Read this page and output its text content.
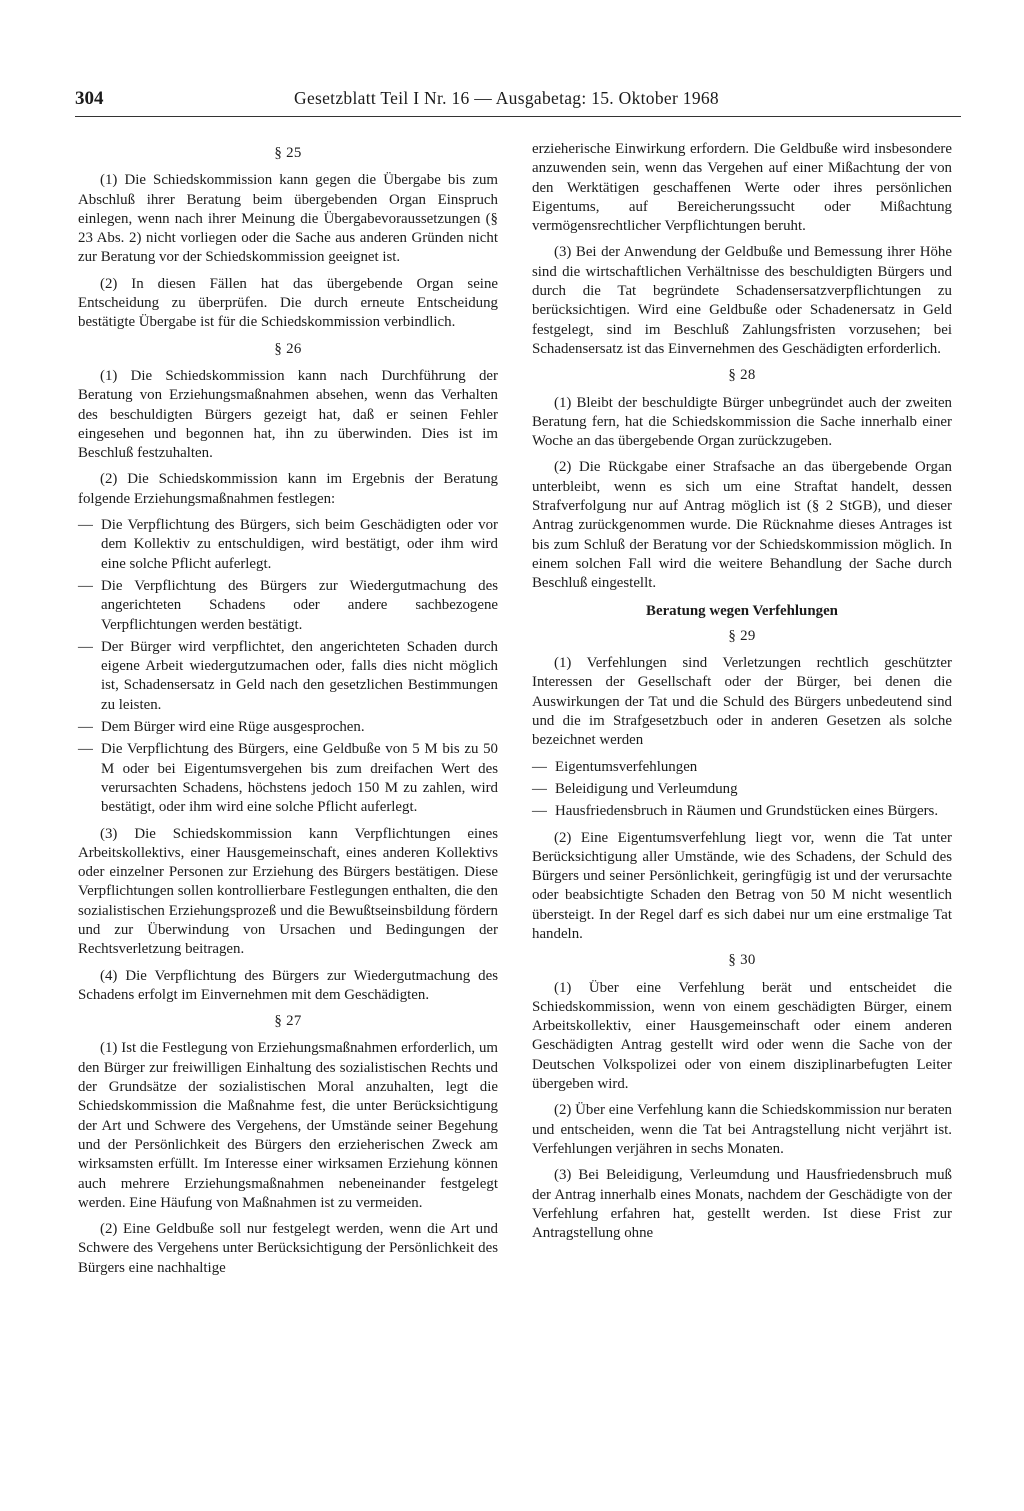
304	Gesetzblatt Teil I Nr. 16 — Ausgabetag: 15. Oktober 1968
§ 25

(1) Die Schiedskommission kann gegen die Übergabe bis zum Abschluß ihrer Beratung beim übergebenden Organ Einspruch einlegen, wenn nach ihrer Meinung die Übergabevoraussetzungen (§ 23 Abs. 2) nicht vorliegen oder die Sache aus anderen Gründen nicht zur Beratung vor der Schiedskommission geeignet ist.

(2) In diesen Fällen hat das übergebende Organ seine Entscheidung zu überprüfen. Die durch erneute Entscheidung bestätigte Übergabe ist für die Schiedskommission verbindlich.

§ 26

(1) Die Schiedskommission kann nach Durchführung der Beratung von Erziehungsmaßnahmen absehen, wenn das Verhalten des beschuldigten Bürgers gezeigt hat, daß er seinen Fehler eingesehen und begonnen hat, ihn zu überwinden. Dies ist im Beschluß festzuhalten.

(2) Die Schiedskommission kann im Ergebnis der Beratung folgende Erziehungsmaßnahmen festlegen:

— Die Verpflichtung des Bürgers, sich beim Geschädigten oder vor dem Kollektiv zu entschuldigen, wird bestätigt, oder ihm wird eine solche Pflicht auferlegt.
— Die Verpflichtung des Bürgers zur Wiedergutmachung des angerichteten Schadens oder andere sachbezogene Verpflichtungen werden bestätigt.
— Der Bürger wird verpflichtet, den angerichteten Schaden durch eigene Arbeit wiedergutzumachen oder, falls dies nicht möglich ist, Schadensersatz in Geld nach den gesetzlichen Bestimmungen zu leisten.
— Dem Bürger wird eine Rüge ausgesprochen.
— Die Verpflichtung des Bürgers, eine Geldbuße von 5 M bis zu 50 M oder bei Eigentumsvergehen bis zum dreifachen Wert des verursachten Schadens, höchstens jedoch 150 M zu zahlen, wird bestätigt, oder ihm wird eine solche Pflicht auferlegt.

(3) Die Schiedskommission kann Verpflichtungen eines Arbeitskollektivs, einer Hausgemeinschaft, eines anderen Kollektivs oder einzelner Personen zur Erziehung des Bürgers bestätigen. Diese Verpflichtungen sollen kontrollierbare Festlegungen enthalten, die den sozialistischen Erziehungsprozeß und die Bewußtseinsbildung fördern und zur Überwindung von Ursachen und Bedingungen der Rechtsverletzung beitragen.

(4) Die Verpflichtung des Bürgers zur Wiedergutmachung des Schadens erfolgt im Einvernehmen mit dem Geschädigten.

§ 27

(1) Ist die Festlegung von Erziehungsmaßnahmen erforderlich, um den Bürger zur freiwilligen Einhaltung des sozialistischen Rechts und der Grundsätze der sozialistischen Moral anzuhalten, legt die Schiedskommission die Maßnahme fest, die unter Berücksichtigung der Art und Schwere des Vergehens, der Umstände seiner Begehung und der Persönlichkeit des Bürgers den erzieherischen Zweck am wirksamsten erfüllt. Im Interesse einer wirksamen Erziehung können auch mehrere Erziehungsmaßnahmen nebeneinander festgelegt werden. Eine Häufung von Maßnahmen ist zu vermeiden.

(2) Eine Geldbuße soll nur festgelegt werden, wenn die Art und Schwere des Vergehens unter Berücksichtigung der Persönlichkeit des Bürgers eine nachhaltige

erzieherische Einwirkung erfordern. Die Geldbuße wird insbesondere anzuwenden sein, wenn das Vergehen auf einer Mißachtung der von den Werktätigen geschaffenen Werte oder ihres persönlichen Eigentums, auf Bereicherungssucht oder Mißachtung vermögensrechtlicher Verpflichtungen beruht.

(3) Bei der Anwendung der Geldbuße und Bemessung ihrer Höhe sind die wirtschaftlichen Verhältnisse des beschuldigten Bürgers und durch die Tat begründete Schadensersatzverpflichtungen zu berücksichtigen. Wird eine Geldbuße oder Schadenersatz in Geld festgelegt, sind im Beschluß Zahlungsfristen vorzusehen; bei Schadensersatz ist das Einvernehmen des Geschädigten erforderlich.

§ 28

(1) Bleibt der beschuldigte Bürger unbegründet auch der zweiten Beratung fern, hat die Schiedskommission die Sache innerhalb einer Woche an das übergebende Organ zurückzugeben.

(2) Die Rückgabe einer Strafsache an das übergebende Organ unterbleibt, wenn es sich um eine Straftat handelt, dessen Strafverfolgung nur auf Antrag möglich ist (§ 2 StGB), und dieser Antrag zurückgenommen wurde. Die Rücknahme dieses Antrages ist bis zum Schluß der Beratung vor der Schiedskommission möglich. In einem solchen Fall wird die weitere Behandlung der Sache durch Beschluß eingestellt.

Beratung wegen Verfehlungen
§ 29

(1) Verfehlungen sind Verletzungen rechtlich geschützter Interessen der Gesellschaft oder der Bürger, bei denen die Auswirkungen der Tat und die Schuld des Bürgers unbedeutend sind und die im Strafgesetzbuch oder in anderen Gesetzen als solche bezeichnet werden

— Eigentumsverfehlungen
— Beleidigung und Verleumdung
— Hausfriedensbruch in Räumen und Grundstücken eines Bürgers.

(2) Eine Eigentumsverfehlung liegt vor, wenn die Tat unter Berücksichtigung aller Umstände, wie des Schadens, der Schuld des Bürgers und seiner Persönlichkeit, geringfügig ist und der verursachte oder beabsichtigte Schaden den Betrag von 50 M nicht wesentlich übersteigt. In der Regel darf es sich dabei nur um eine erstmalige Tat handeln.

§ 30

(1) Über eine Verfehlung berät und entscheidet die Schiedskommission, wenn von einem geschädigten Bürger, einem Arbeitskollektiv, einer Hausgemeinschaft oder einem anderen Geschädigten Antrag gestellt wird oder wenn die Sache von der Deutschen Volkspolizei oder von einem disziplinarbefugten Leiter übergeben wird.

(2) Über eine Verfehlung kann die Schiedskommission nur beraten und entscheiden, wenn die Tat bei Antragstellung nicht verjährt ist. Verfehlungen verjähren in sechs Monaten.

(3) Bei Beleidigung, Verleumdung und Hausfriedensbruch muß der Antrag innerhalb eines Monats, nachdem der Geschädigte von der Verfehlung erfahren hat, gestellt werden. Ist diese Frist zur Antragstellung ohne
